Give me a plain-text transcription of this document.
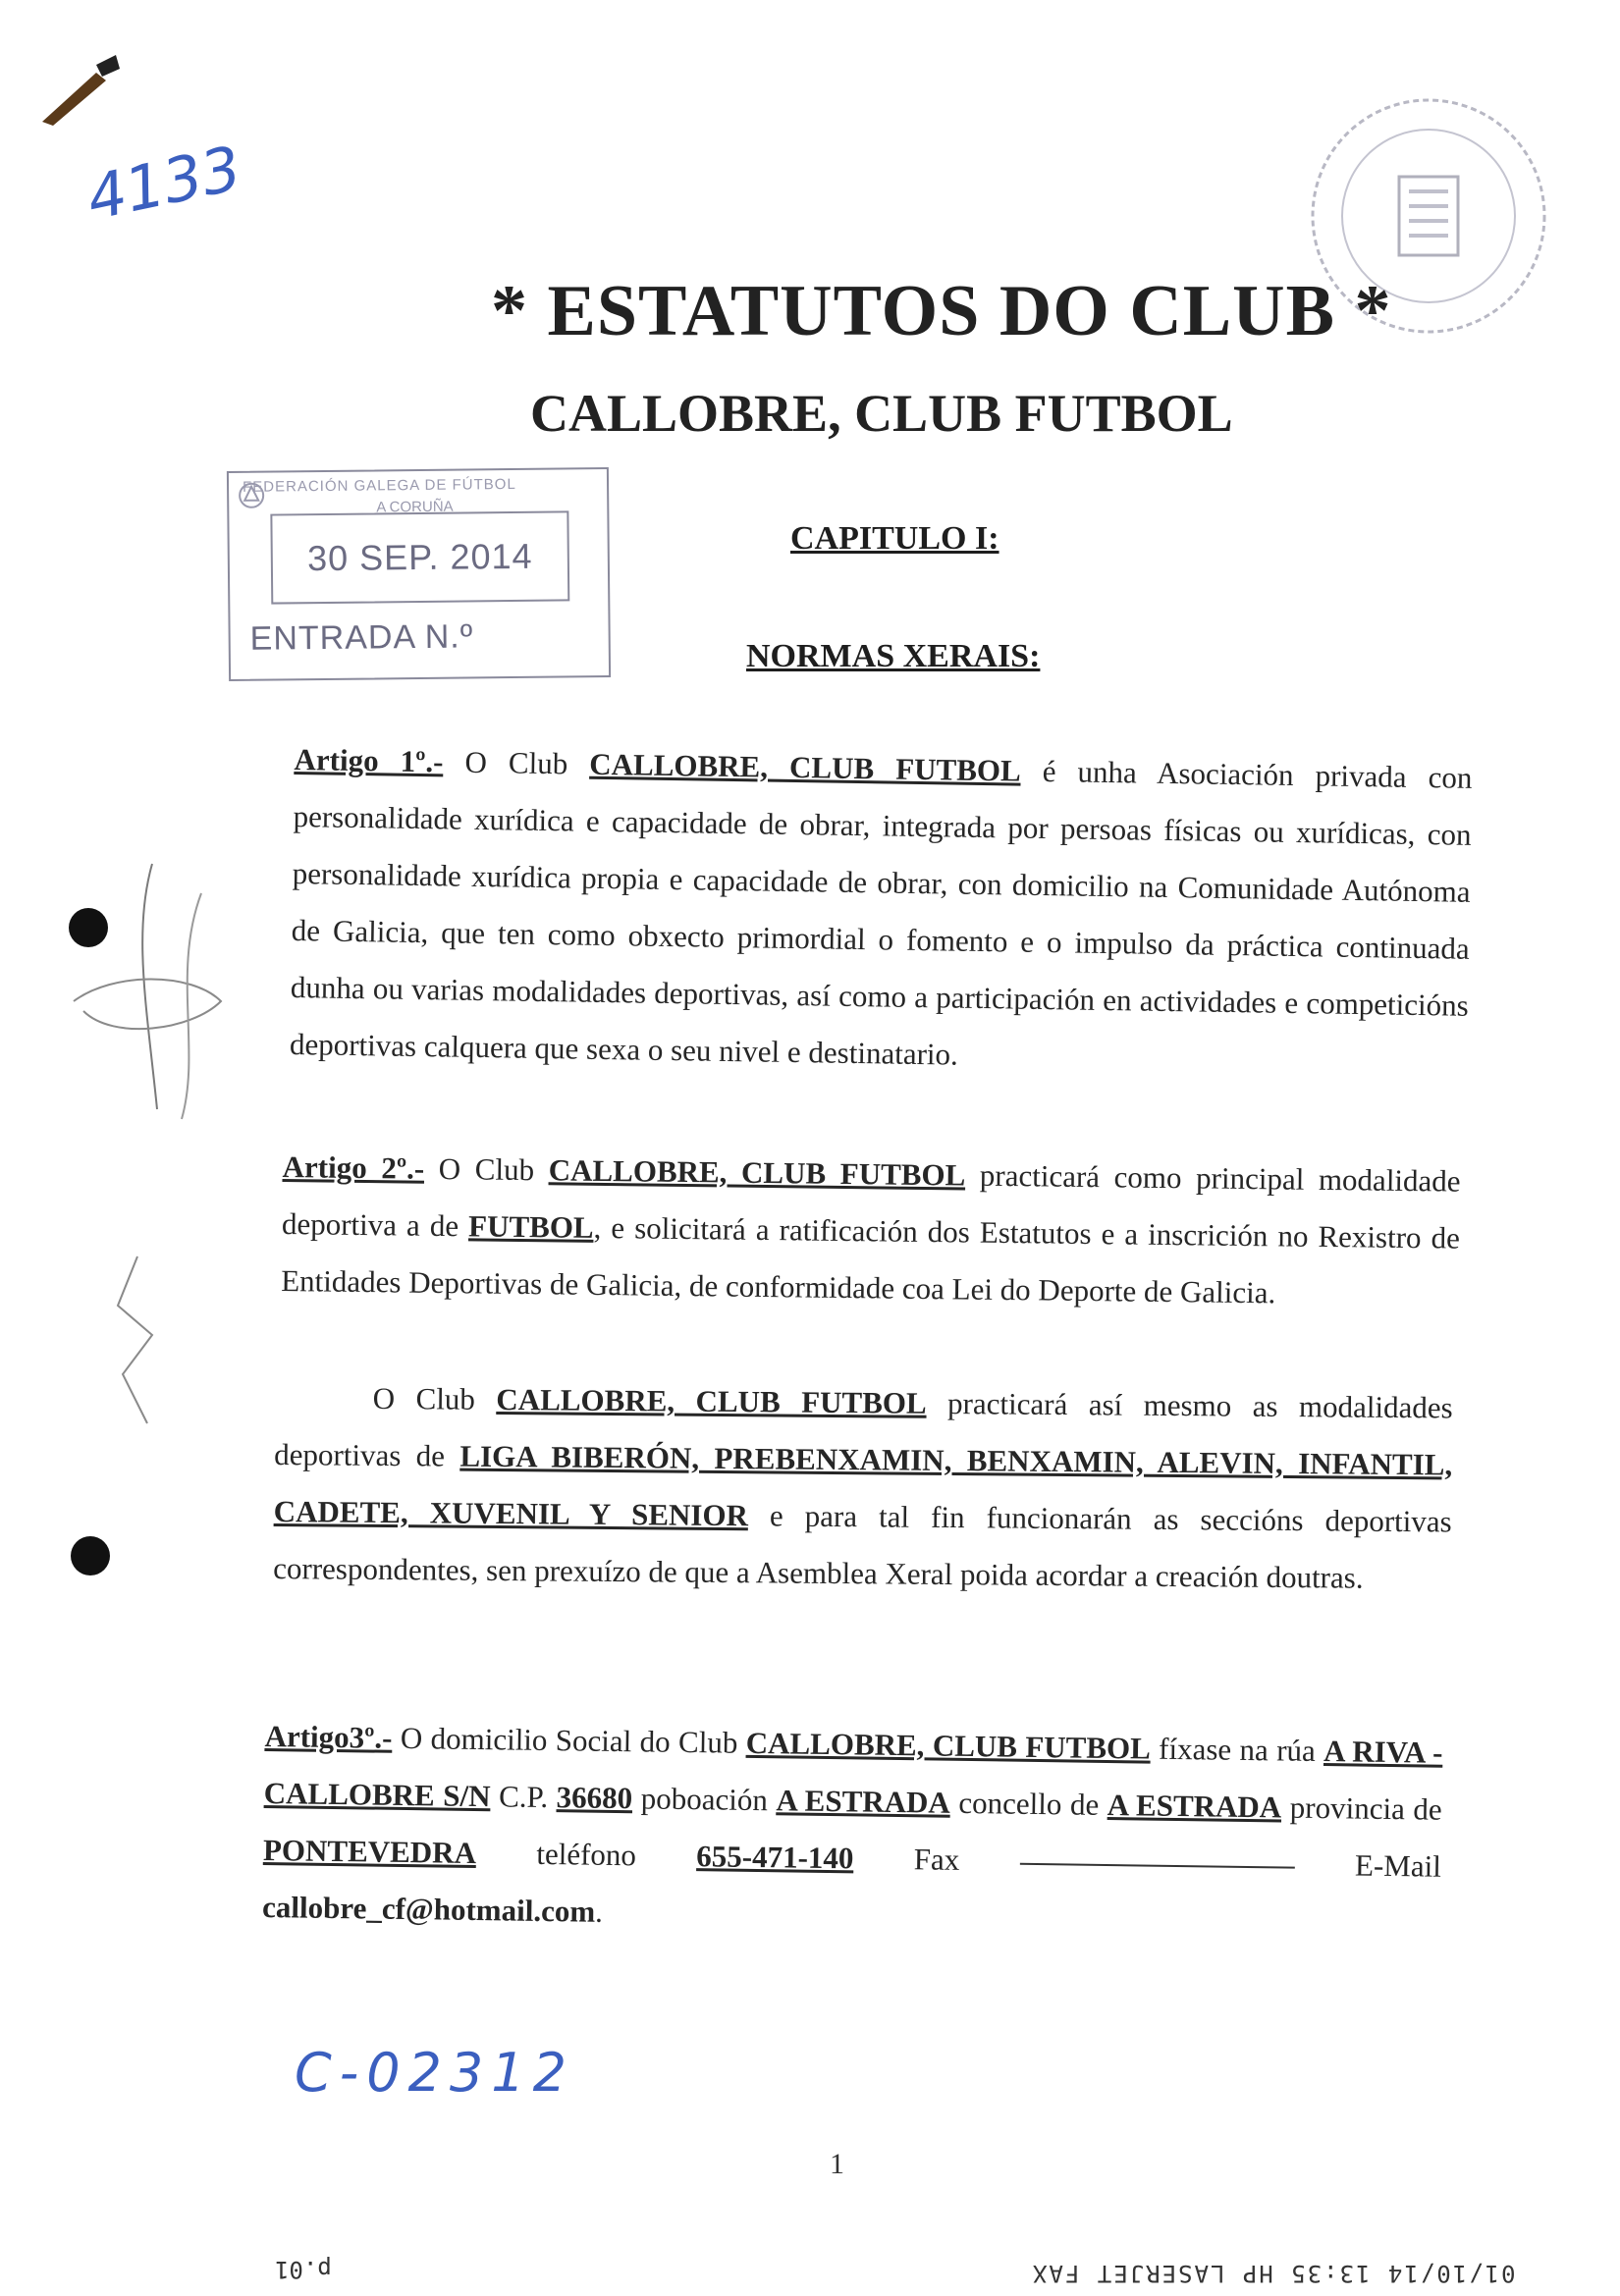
4133
* ESTATUTOS DO CLUB *
CALLOBRE, CLUB FUTBOL
FEDERACIÓN GALEGA DE FÚTBOL
A CORUÑA
30 SEP. 2014
ENTRADA N.º
CAPITULO I:
NORMAS XERAIS:
Artigo 1º.- O Club CALLOBRE, CLUB FUTBOL é unha Asociación privada con personalidade xurídica e capacidade de obrar, integrada por persoas físicas ou xurídicas, con personalidade xurídica propia e capacidade de obrar, con domicilio na Comunidade Autónoma de Galicia, que ten como obxecto primordial o fomento e o impulso da práctica continuada dunha ou varias modalidades deportivas, así como a participación en actividades e competicións deportivas calquera que sexa o seu nivel e destinatario.
Artigo 2º.- O Club CALLOBRE, CLUB FUTBOL practicará como principal modalidade deportiva a de FUTBOL, e solicitará a ratificación dos Estatutos e a inscrición no Rexistro de Entidades Deportivas de Galicia, de conformidade coa Lei do Deporte de Galicia.
O Club CALLOBRE, CLUB FUTBOL practicará así mesmo as modalidades deportivas de LIGA BIBERÓN, PREBENXAMIN, BENXAMIN, ALEVIN, INFANTIL, CADETE, XUVENIL Y SENIOR e para tal fin funcionarán as seccións deportivas correspondentes, sen prexuízo de que a Asemblea Xeral poida acordar a creación doutras.
Artigo3º.- O domicilio Social do Club CALLOBRE, CLUB FUTBOL fíxase na rúa A RIVA - CALLOBRE S/N C.P. 36680 poboación A ESTRADA concello de A ESTRADA provincia de PONTEVEDRA teléfono 655-471-140 Fax	E-Mail callobre_cf@hotmail.com.
C-02312
1
p.01	01/10/14 13:35 HP LASERJET FAX
